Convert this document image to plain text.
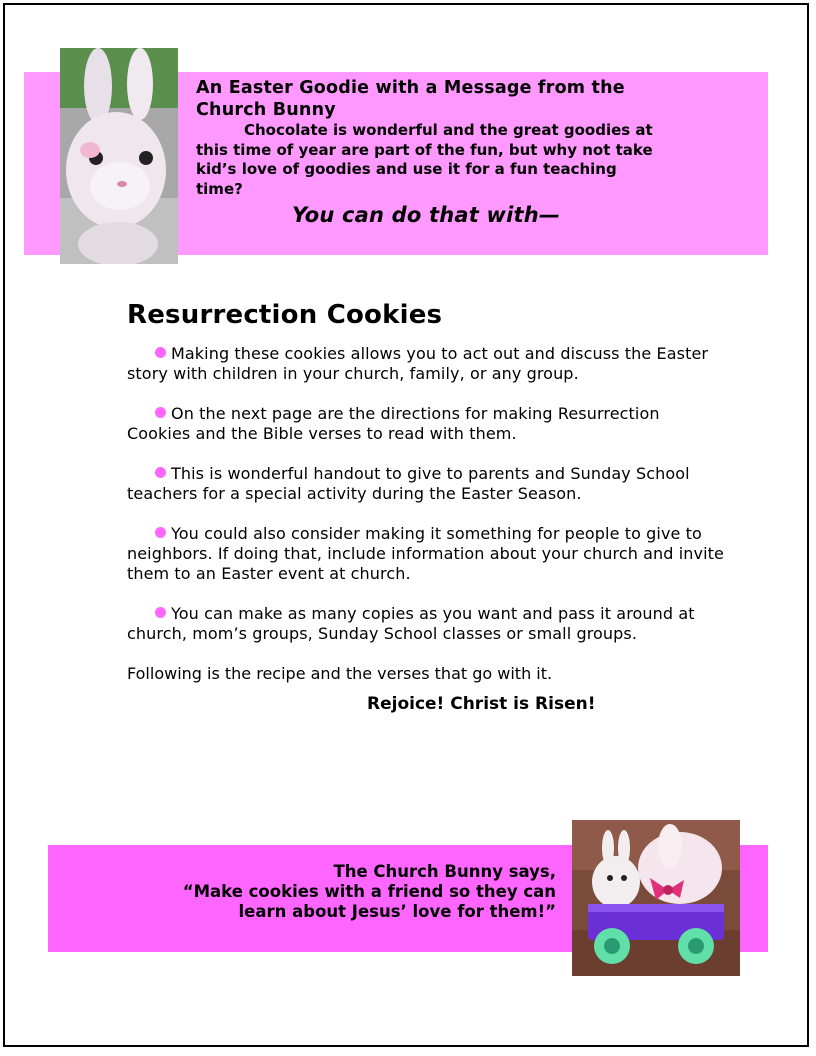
An Easter Goodie with a Message from the Church Bunny
Chocolate is wonderful and the great goodies at this time of year are part of the fun, but why not take kid’s love of goodies and use it for a fun teaching time?
You can do that with—
Resurrection Cookies

Making these cookies allows you to act out and discuss the Easter story with children in your church, family, or any group.

On the next page are the directions for making Resurrection Cookies and the Bible verses to read with them.

This is wonderful handout to give to parents and Sunday School teachers for a special activity during the Easter Season.

You could also consider making it something for people to give to neighbors. If doing that, include information about your church and invite them to an Easter event at church.

You can make as many copies as you want and pass it around at church, mom’s groups, Sunday School classes or small groups.

Following is the recipe and the verses that go with it.

Rejoice! Christ is Risen!
The Church Bunny says,
“Make cookies with a friend so they can learn about Jesus’ love for them!”
